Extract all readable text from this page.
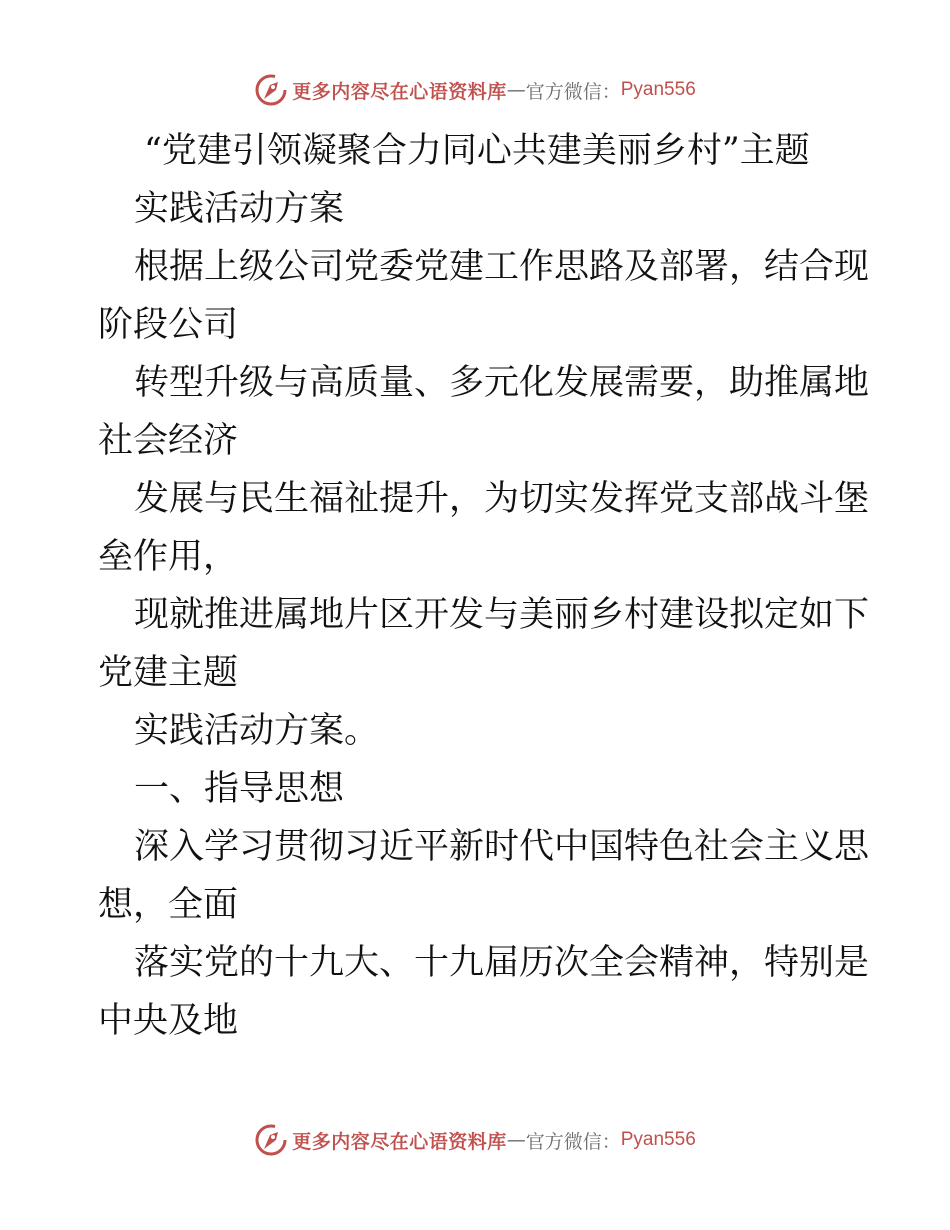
更多内容尽在心语资料库 — 官方微信： Pyan556
“党建引领凝聚合力同心共建美丽乡村”主题
实践活动方案
根据上级公司党委党建工作思路及部署，结合现
阶段公司
转型升级与高质量、多元化发展需要，助推属地
社会经济
发展与民生福祉提升，为切实发挥党支部战斗堡
垒作用，
现就推进属地片区开发与美丽乡村建设拟定如下
党建主题
实践活动方案。
一、指导思想
深入学习贯彻习近平新时代中国特色社会主义思
想，全面
落实党的十九大、十九届历次全会精神，特别是
中央及地
更多内容尽在心语资料库 — 官方微信： Pyan556
